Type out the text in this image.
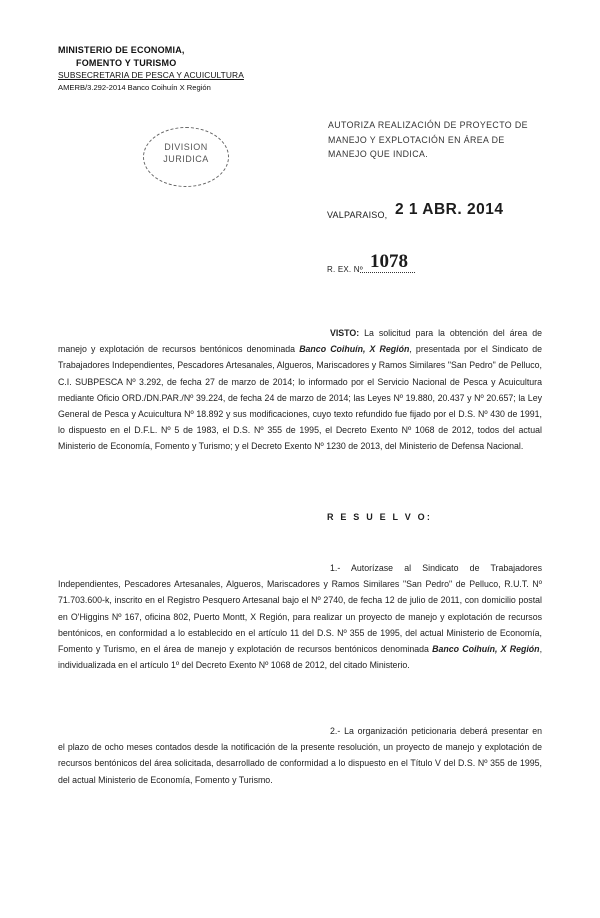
MINISTERIO DE ECONOMIA,
FOMENTO Y TURISMO
SUBSECRETARIA DE PESCA Y ACUICULTURA
AMERB/3.292-2014 Banco Coihuín X Región
DIVISION
JURIDICA
AUTORIZA REALIZACIÓN DE PROYECTO DE MANEJO Y EXPLOTACIÓN EN ÁREA DE MANEJO QUE INDICA.
VALPARAISO, 2 1 ABR. 2014
R. EX. Nº 1078
VISTO: La solicitud para la obtención del área de manejo y explotación de recursos bentónicos denominada Banco Coihuín, X Región, presentada por el Sindicato de Trabajadores Independientes, Pescadores Artesanales, Algueros, Mariscadores y Ramos Similares "San Pedro" de Pelluco, C.I. SUBPESCA Nº 3.292, de fecha 27 de marzo de 2014; lo informado por el Servicio Nacional de Pesca y Acuicultura mediante Oficio ORD./DN.PAR./Nº 39.224, de fecha 24 de marzo de 2014; las Leyes Nº 19.880, 20.437 y Nº 20.657; la Ley General de Pesca y Acuicultura Nº 18.892 y sus modificaciones, cuyo texto refundido fue fijado por el D.S. Nº 430 de 1991, lo dispuesto en el D.F.L. Nº 5 de 1983, el D.S. Nº 355 de 1995, el Decreto Exento Nº 1068 de 2012, todos del actual Ministerio de Economía, Fomento y Turismo; y el Decreto Exento Nº 1230 de 2013, del Ministerio de Defensa Nacional.
R E S U E L V O:
1.- Autorízase al Sindicato de Trabajadores Independientes, Pescadores Artesanales, Algueros, Mariscadores y Ramos Similares "San Pedro" de Pelluco, R.U.T. Nº 71.703.600-k, inscrito en el Registro Pesquero Artesanal bajo el Nº 2740, de fecha 12 de julio de 2011, con domicilio postal en O'Higgins Nº 167, oficina 802, Puerto Montt, X Región, para realizar un proyecto de manejo y explotación de recursos bentónicos, en conformidad a lo establecido en el artículo 11 del D.S. Nº 355 de 1995, del actual Ministerio de Economía, Fomento y Turismo, en el área de manejo y explotación de recursos bentónicos denominada Banco Coihuín, X Región, individualizada en el artículo 1º del Decreto Exento Nº 1068 de 2012, del citado Ministerio.
2.- La organización peticionaria deberá presentar en el plazo de ocho meses contados desde la notificación de la presente resolución, un proyecto de manejo y explotación de recursos bentónicos del área solicitada, desarrollado de conformidad a lo dispuesto en el Título V del D.S. Nº 355 de 1995, del actual Ministerio de Economía, Fomento y Turismo.
